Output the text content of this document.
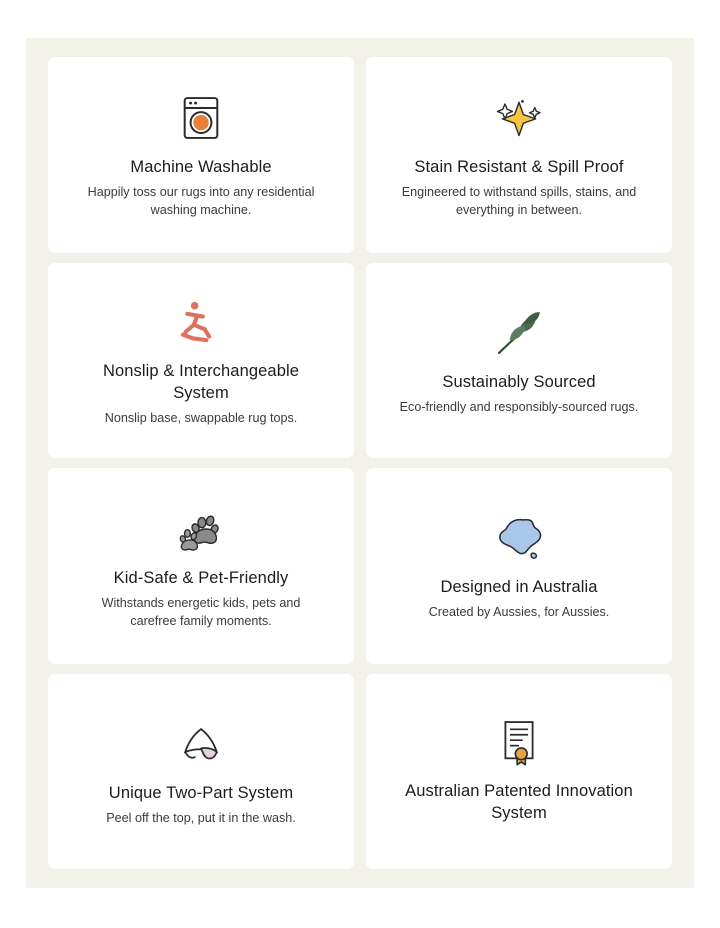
Machine Washable
Happily toss our rugs into any residential washing machine.
Stain Resistant & Spill Proof
Engineered to withstand spills, stains, and everything in between.
Nonslip & Interchangeable System
Nonslip base, swappable rug tops.
Sustainably Sourced
Eco-friendly and responsibly-sourced rugs.
Kid-Safe & Pet-Friendly
Withstands energetic kids, pets and carefree family moments.
Designed in Australia
Created by Aussies, for Aussies.
Unique Two-Part System
Peel off the top, put it in the wash.
Australian Patented Innovation System
